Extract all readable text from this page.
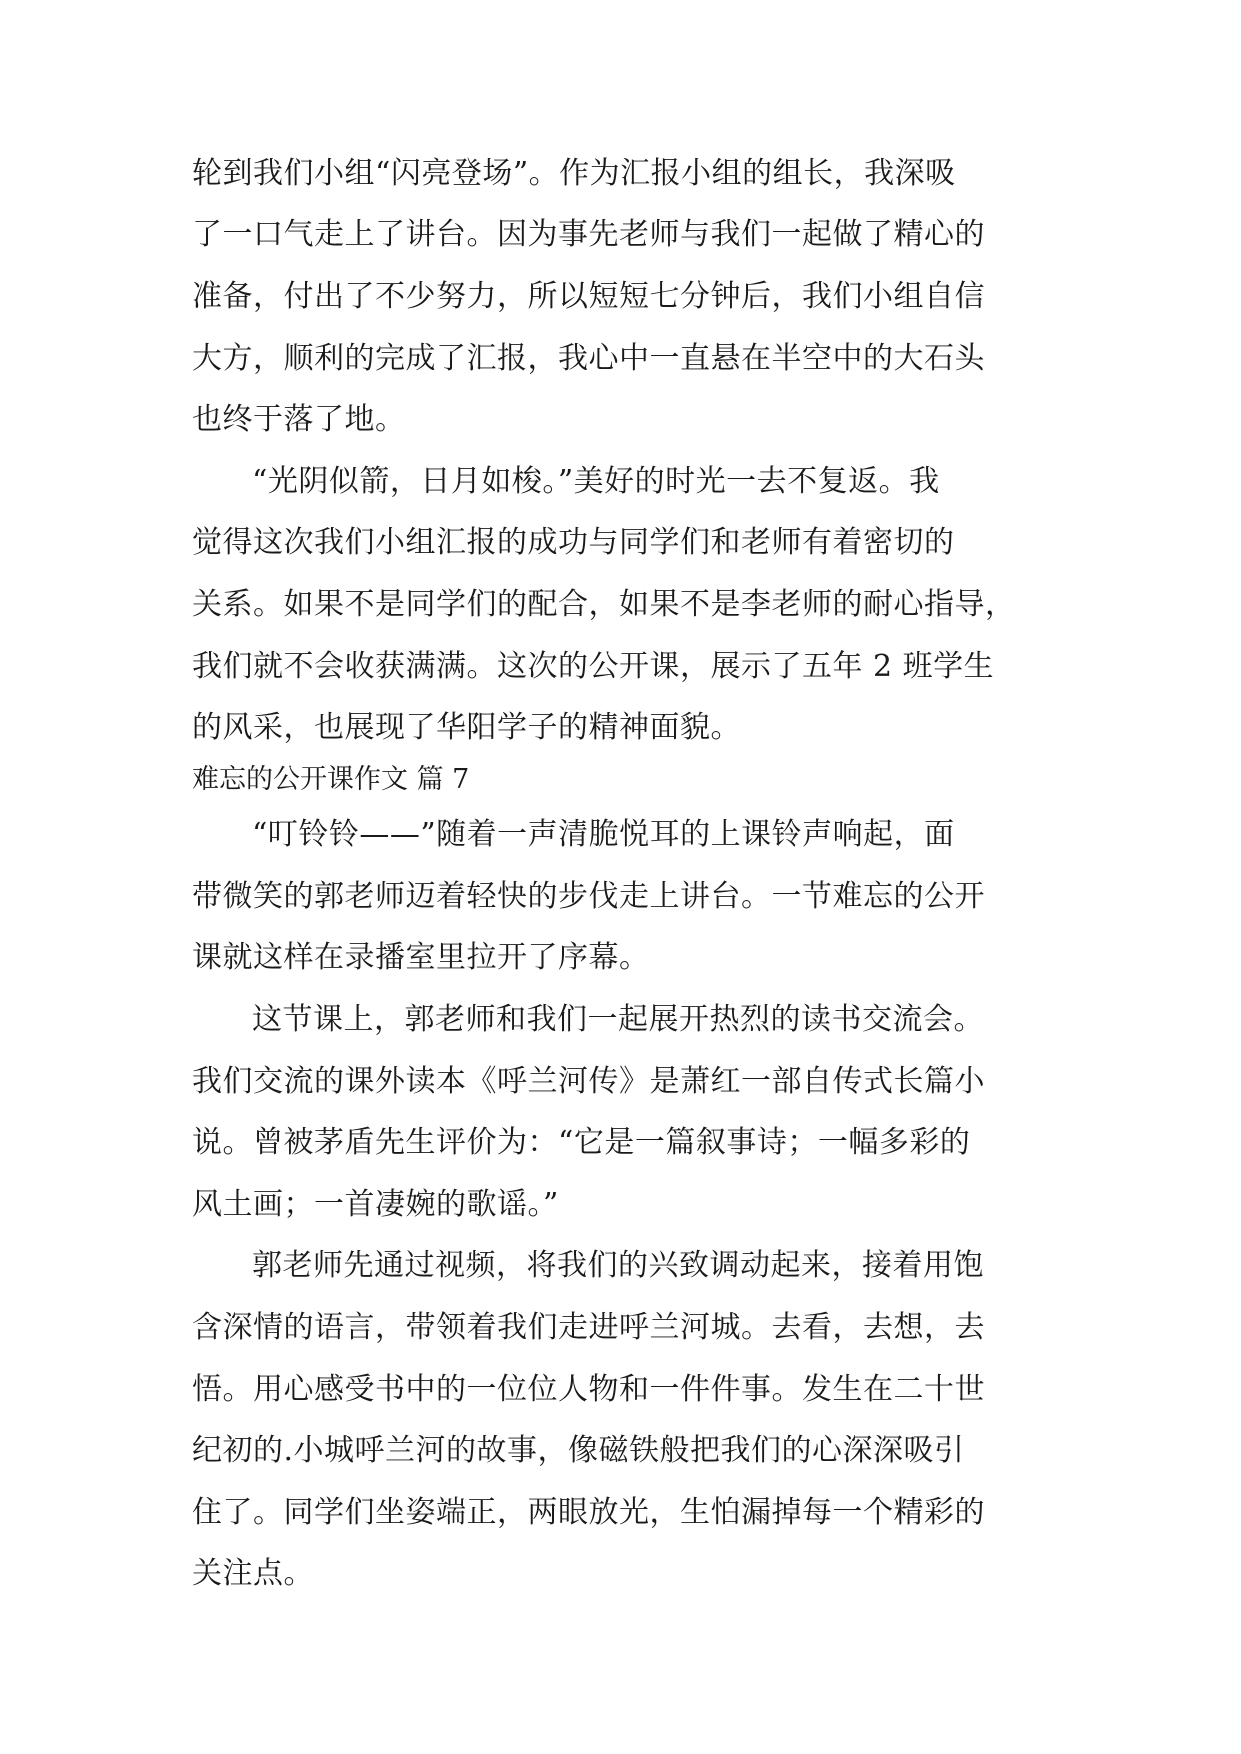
轮到我们小组“闪亮登场”。作为汇报小组的组长，我深吸
了一口气走上了讲台。因为事先老师与我们一起做了精心的
准备，付出了不少努力，所以短短七分钟后，我们小组自信
大方，顺利的完成了汇报，我心中一直悬在半空中的大石头
也终于落了地。
“光阴似箭，日月如梭。”美好的时光一去不复返。我
觉得这次我们小组汇报的成功与同学们和老师有着密切的
关系。如果不是同学们的配合，如果不是李老师的耐心指导，
我们就不会收获满满。这次的公开课，展示了五年 2 班学生
的风采，也展现了华阳学子的精神面貌。
难忘的公开课作文 篇 7
“叮铃铃——”随着一声清脆悦耳的上课铃声响起，面
带微笑的郭老师迈着轻快的步伐走上讲台。一节难忘的公开
课就这样在录播室里拉开了序幕。
这节课上，郭老师和我们一起展开热烈的读书交流会。
我们交流的课外读本《呼兰河传》是萧红一部自传式长篇小
说。曾被茅盾先生评价为：“它是一篇叙事诗；一幅多彩的
风土画；一首凄婉的歌谣。”
郭老师先通过视频，将我们的兴致调动起来，接着用饱
含深情的语言，带领着我们走进呼兰河城。去看，去想，去
悟。用心感受书中的一位位人物和一件件事。发生在二十世
纪初的.小城呼兰河的故事，像磁铁般把我们的心深深吸引
住了。同学们坐姿端正，两眼放光，生怕漏掉每一个精彩的
关注点。
